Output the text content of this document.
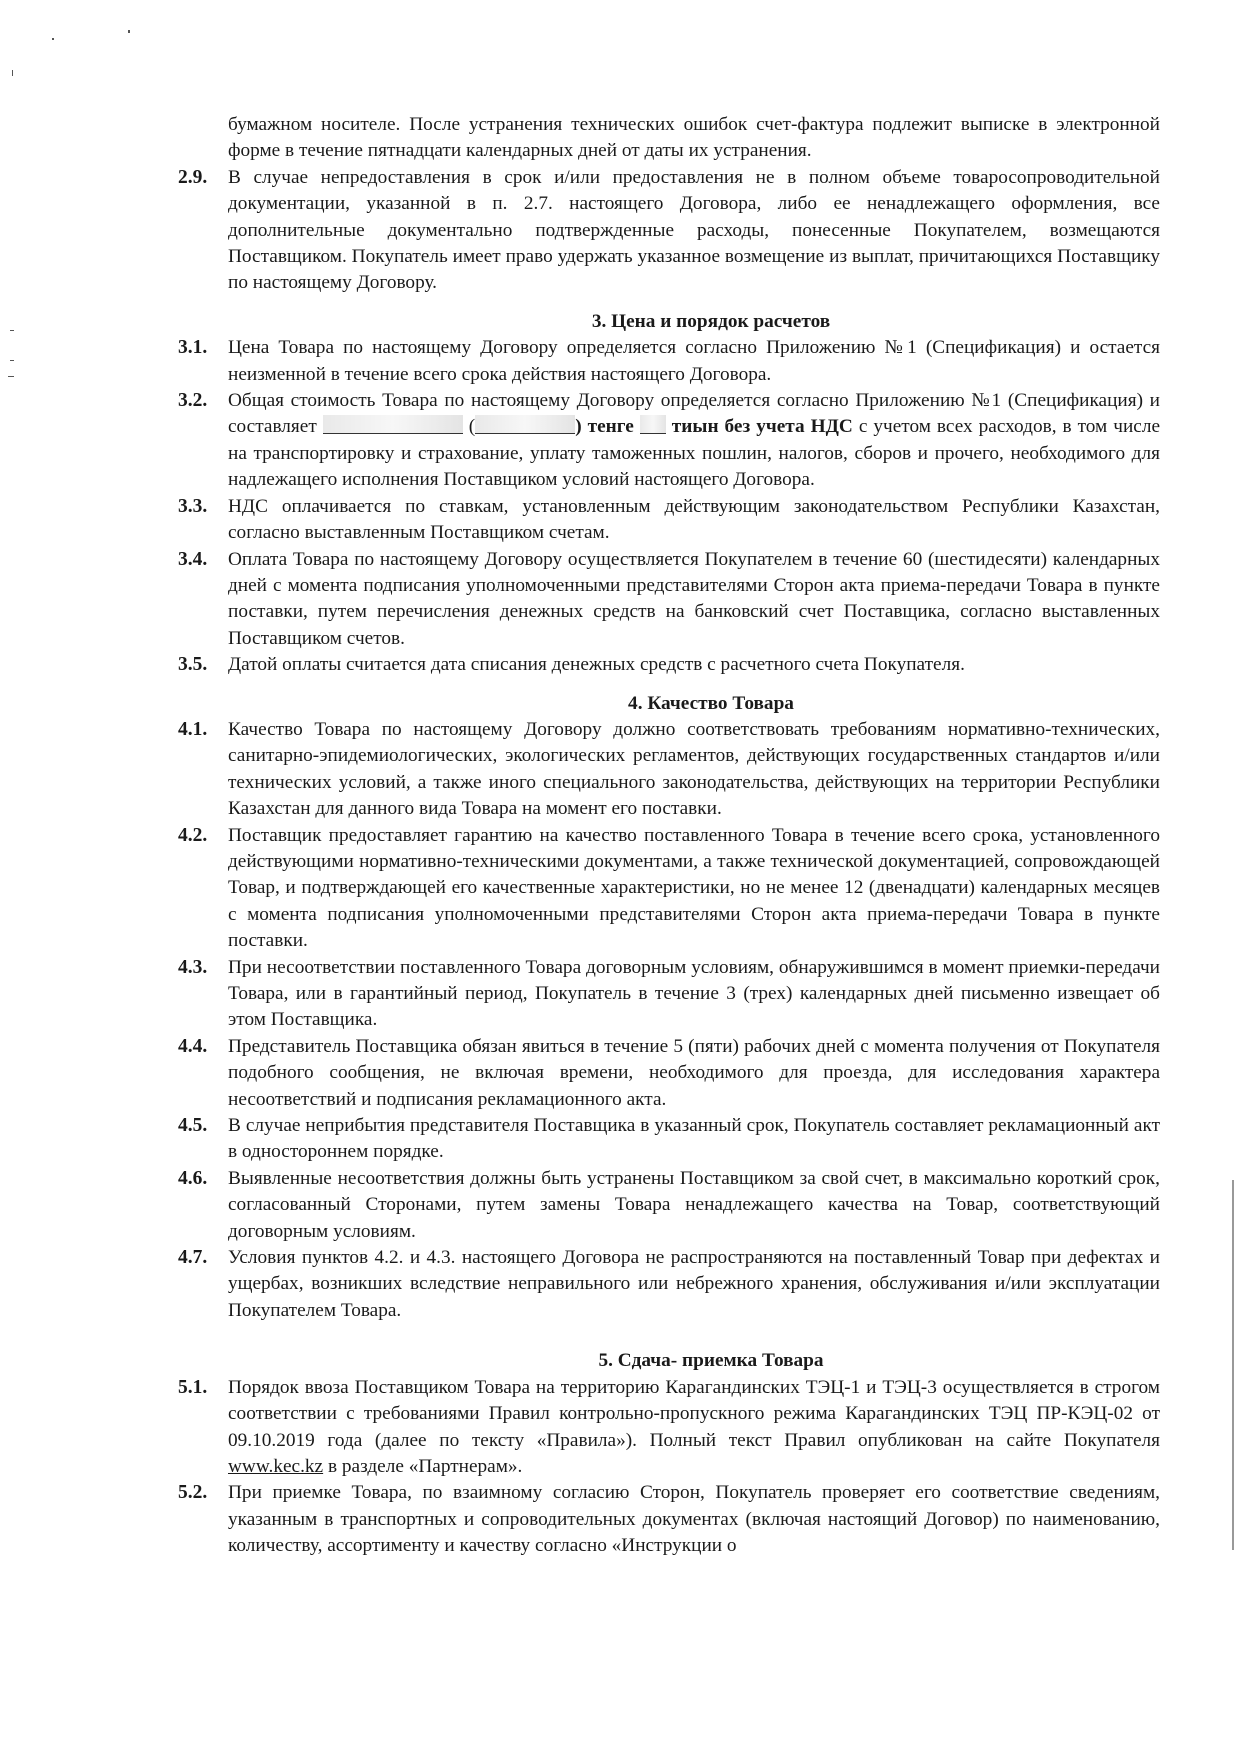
бумажном носителе. После устранения технических ошибок счет-фактура подлежит выписке в электронной форме в течение пятнадцати календарных дней от даты их устранения.

2.9. В случае непредоставления в срок и/или предоставления не в полном объеме товаросопроводительной документации, указанной в п. 2.7. настоящего Договора, либо ее ненадлежащего оформления, все дополнительные документально подтвержденные расходы, понесенные Покупателем, возмещаются Поставщиком. Покупатель имеет право удержать указанное возмещение из выплат, причитающихся Поставщику по настоящему Договору.
3. Цена и порядок расчетов
3.1. Цена Товара по настоящему Договору определяется согласно Приложению №1 (Спецификация) и остается неизменной в течение всего срока действия настоящего Договора.
3.2. Общая стоимость Товара по настоящему Договору определяется согласно Приложению №1 (Спецификация) и составляет	(	) тенге  тиын без учета НДС с учетом всех расходов, в том числе на транспортировку и страхование, уплату таможенных пошлин, налогов, сборов и прочего, необходимого для надлежащего исполнения Поставщиком условий настоящего Договора.
3.3. НДС оплачивается по ставкам, установленным действующим законодательством Республики Казахстан, согласно выставленным Поставщиком счетам.
3.4. Оплата Товара по настоящему Договору осуществляется Покупателем в течение 60 (шестидесяти) календарных дней с момента подписания уполномоченными представителями Сторон акта приема-передачи Товара в пункте поставки, путем перечисления денежных средств на банковский счет Поставщика, согласно выставленных Поставщиком счетов.
3.5. Датой оплаты считается дата списания денежных средств с расчетного счета Покупателя.
4. Качество Товара
4.1. Качество Товара по настоящему Договору должно соответствовать требованиям нормативно-технических, санитарно-эпидемиологических, экологических регламентов, действующих государственных стандартов и/или технических условий, а также иного специального законодательства, действующих на территории Республики Казахстан для данного вида Товара на момент его поставки.
4.2. Поставщик предоставляет гарантию на качество поставленного Товара в течение всего срока, установленного действующими нормативно-техническими документами, а также технической документацией, сопровождающей Товар, и подтверждающей его качественные характеристики, но не менее 12 (двенадцати) календарных месяцев с момента подписания уполномоченными представителями Сторон акта приема-передачи Товара в пункте поставки.
4.3. При несоответствии поставленного Товара договорным условиям, обнаружившимся в момент приемки-передачи Товара, или в гарантийный период, Покупатель в течение 3 (трех) календарных дней письменно извещает об этом Поставщика.
4.4. Представитель Поставщика обязан явиться в течение 5 (пяти) рабочих дней с момента получения от Покупателя подобного сообщения, не включая времени, необходимого для проезда, для исследования характера несоответствий и подписания рекламационного акта.
4.5. В случае неприбытия представителя Поставщика в указанный срок, Покупатель составляет рекламационный акт в одностороннем порядке.
4.6. Выявленные несоответствия должны быть устранены Поставщиком за свой счет, в максимально короткий срок, согласованный Сторонами, путем замены Товара ненадлежащего качества на Товар, соответствующий договорным условиям.
4.7. Условия пунктов 4.2. и 4.3. настоящего Договора не распространяются на поставленный Товар при дефектах и ущербах, возникших вследствие неправильного или небрежного хранения, обслуживания и/или эксплуатации Покупателем Товара.
5. Сдача- приемка Товара
5.1. Порядок ввоза Поставщиком Товара на территорию Карагандинских ТЭЦ-1 и ТЭЦ-3 осуществляется в строгом соответствии с требованиями Правил контрольно-пропускного режима Карагандинских ТЭЦ ПР-КЭЦ-02 от 09.10.2019 года (далее по тексту «Правила»). Полный текст Правил опубликован на сайте Покупателя www.kec.kz в разделе «Партнерам».
5.2. При приемке Товара, по взаимному согласию Сторон, Покупатель проверяет его соответствие сведениям, указанным в транспортных и сопроводительных документах (включая настоящий Договор) по наименованию, количеству, ассортименту и качеству согласно «Инструкции о
